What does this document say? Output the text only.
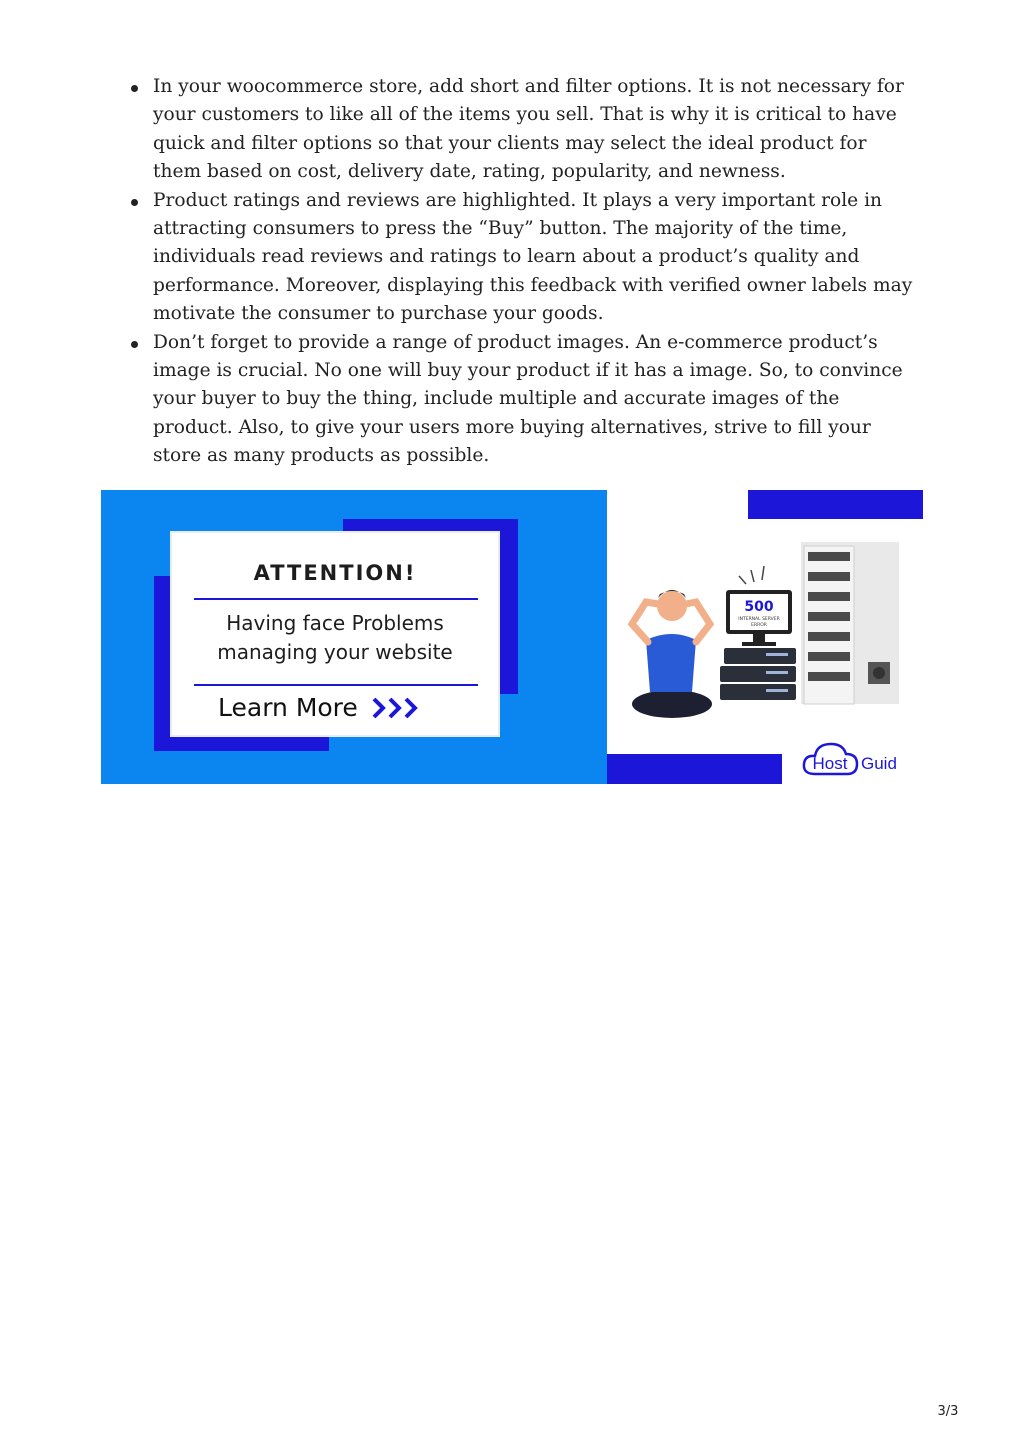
In your woocommerce store, add short and filter options. It is not necessary for your customers to like all of the items you sell. That is why it is critical to have quick and filter options so that your clients may select the ideal product for them based on cost, delivery date, rating, popularity, and newness.
Product ratings and reviews are highlighted. It plays a very important role in attracting consumers to press the “Buy” button. The majority of the time, individuals read reviews and ratings to learn about a product’s quality and performance. Moreover, displaying this feedback with verified owner labels may motivate the consumer to purchase your goods.
Don’t forget to provide a range of product images. An e-commerce product’s image is crucial. No one will buy your product if it has a image. So, to convince your buyer to buy the thing, include multiple and accurate images of the product. Also, to give your users more buying alternatives, strive to fill your store as many products as possible.
ATTENTION!
Having face Problems
managing your website
Learn More
500
INTERNAL SERVER
ERROR
Host Guid
3/3
